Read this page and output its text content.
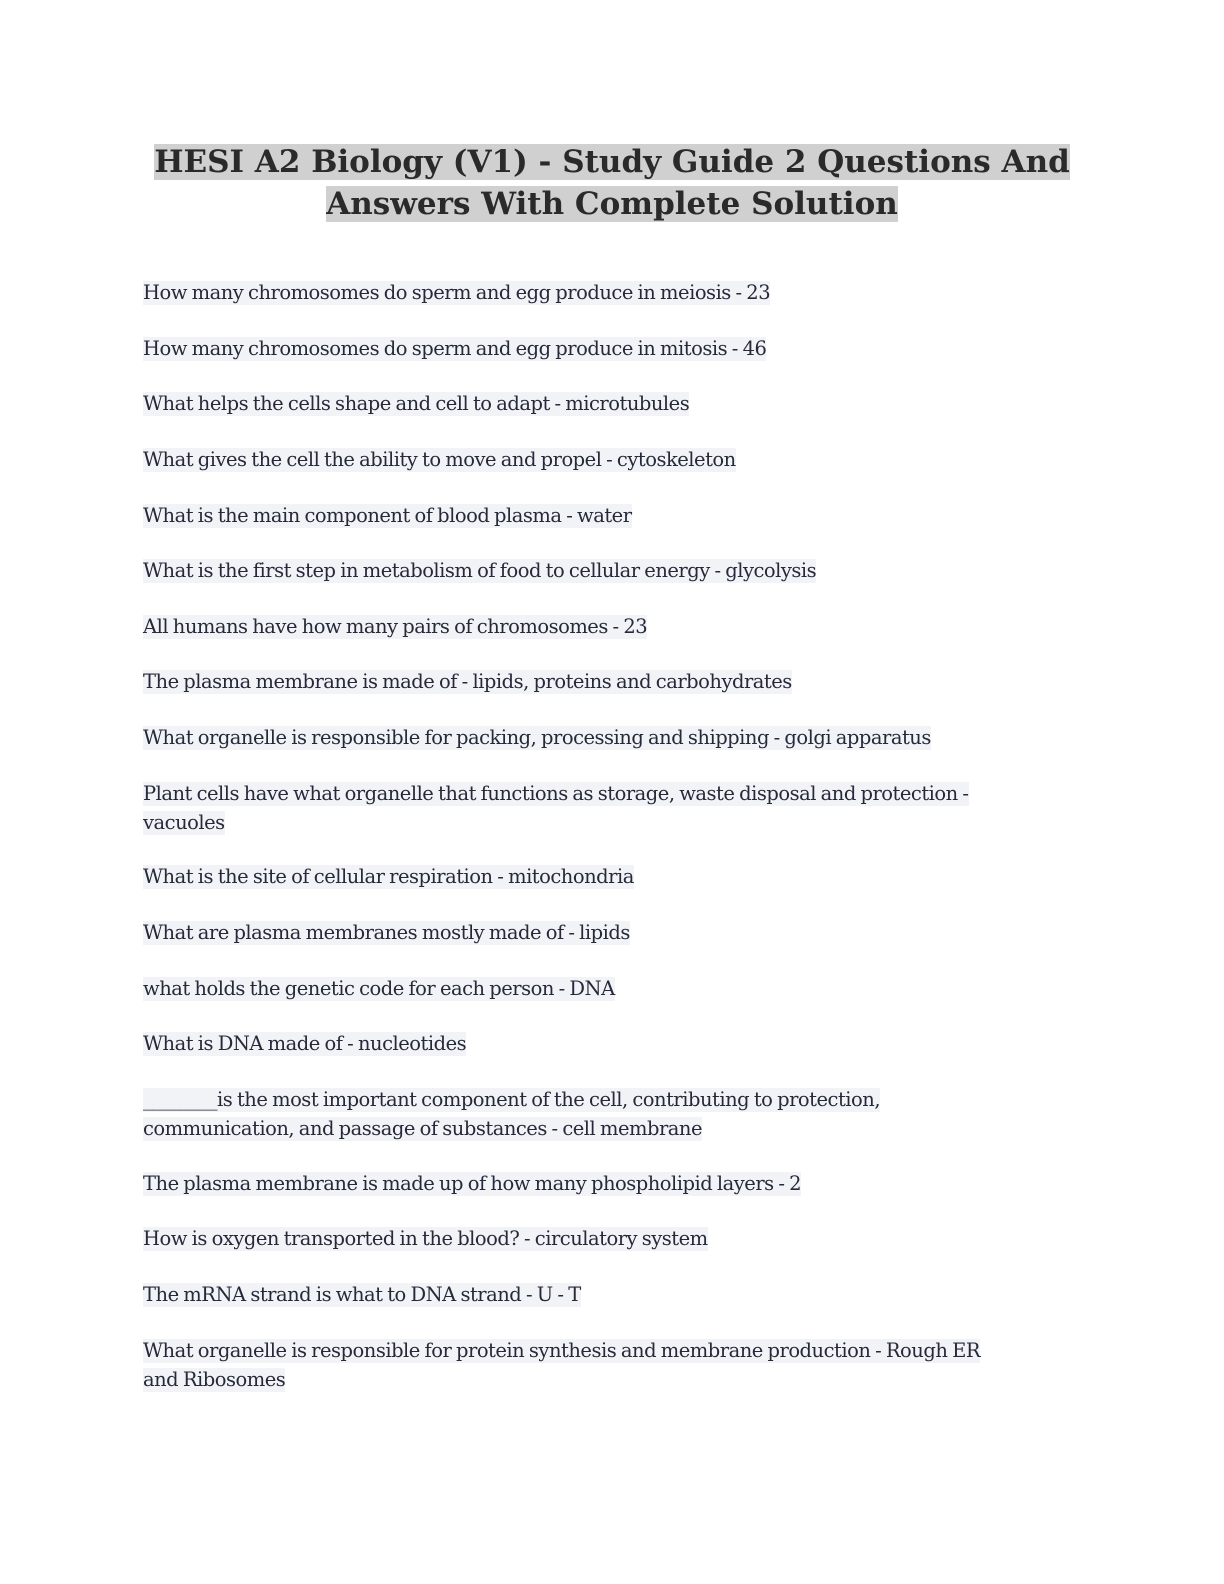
HESI A2 Biology (V1) - Study Guide 2 Questions And
Answers With Complete Solution
How many chromosomes do sperm and egg produce in meiosis - 23
How many chromosomes do sperm and egg produce in mitosis - 46
What helps the cells shape and cell to adapt - microtubules
What gives the cell the ability to move and propel - cytoskeleton
What is the main component of blood plasma - water
What is the first step in metabolism of food to cellular energy - glycolysis
All humans have how many pairs of chromosomes - 23
The plasma membrane is made of - lipids, proteins and carbohydrates
What organelle is responsible for packing, processing and shipping - golgi apparatus
Plant cells have what organelle that functions as storage, waste disposal and protection -
vacuoles
What is the site of cellular respiration - mitochondria
What are plasma membranes mostly made of - lipids
what holds the genetic code for each person - DNA
What is DNA made of - nucleotides
________is the most important component of the cell, contributing to protection,
communication, and passage of substances - cell membrane
The plasma membrane is made up of how many phospholipid layers - 2
How is oxygen transported in the blood? - circulatory system
The mRNA strand is what to DNA strand - U - T
What organelle is responsible for protein synthesis and membrane production - Rough ER
and Ribosomes
